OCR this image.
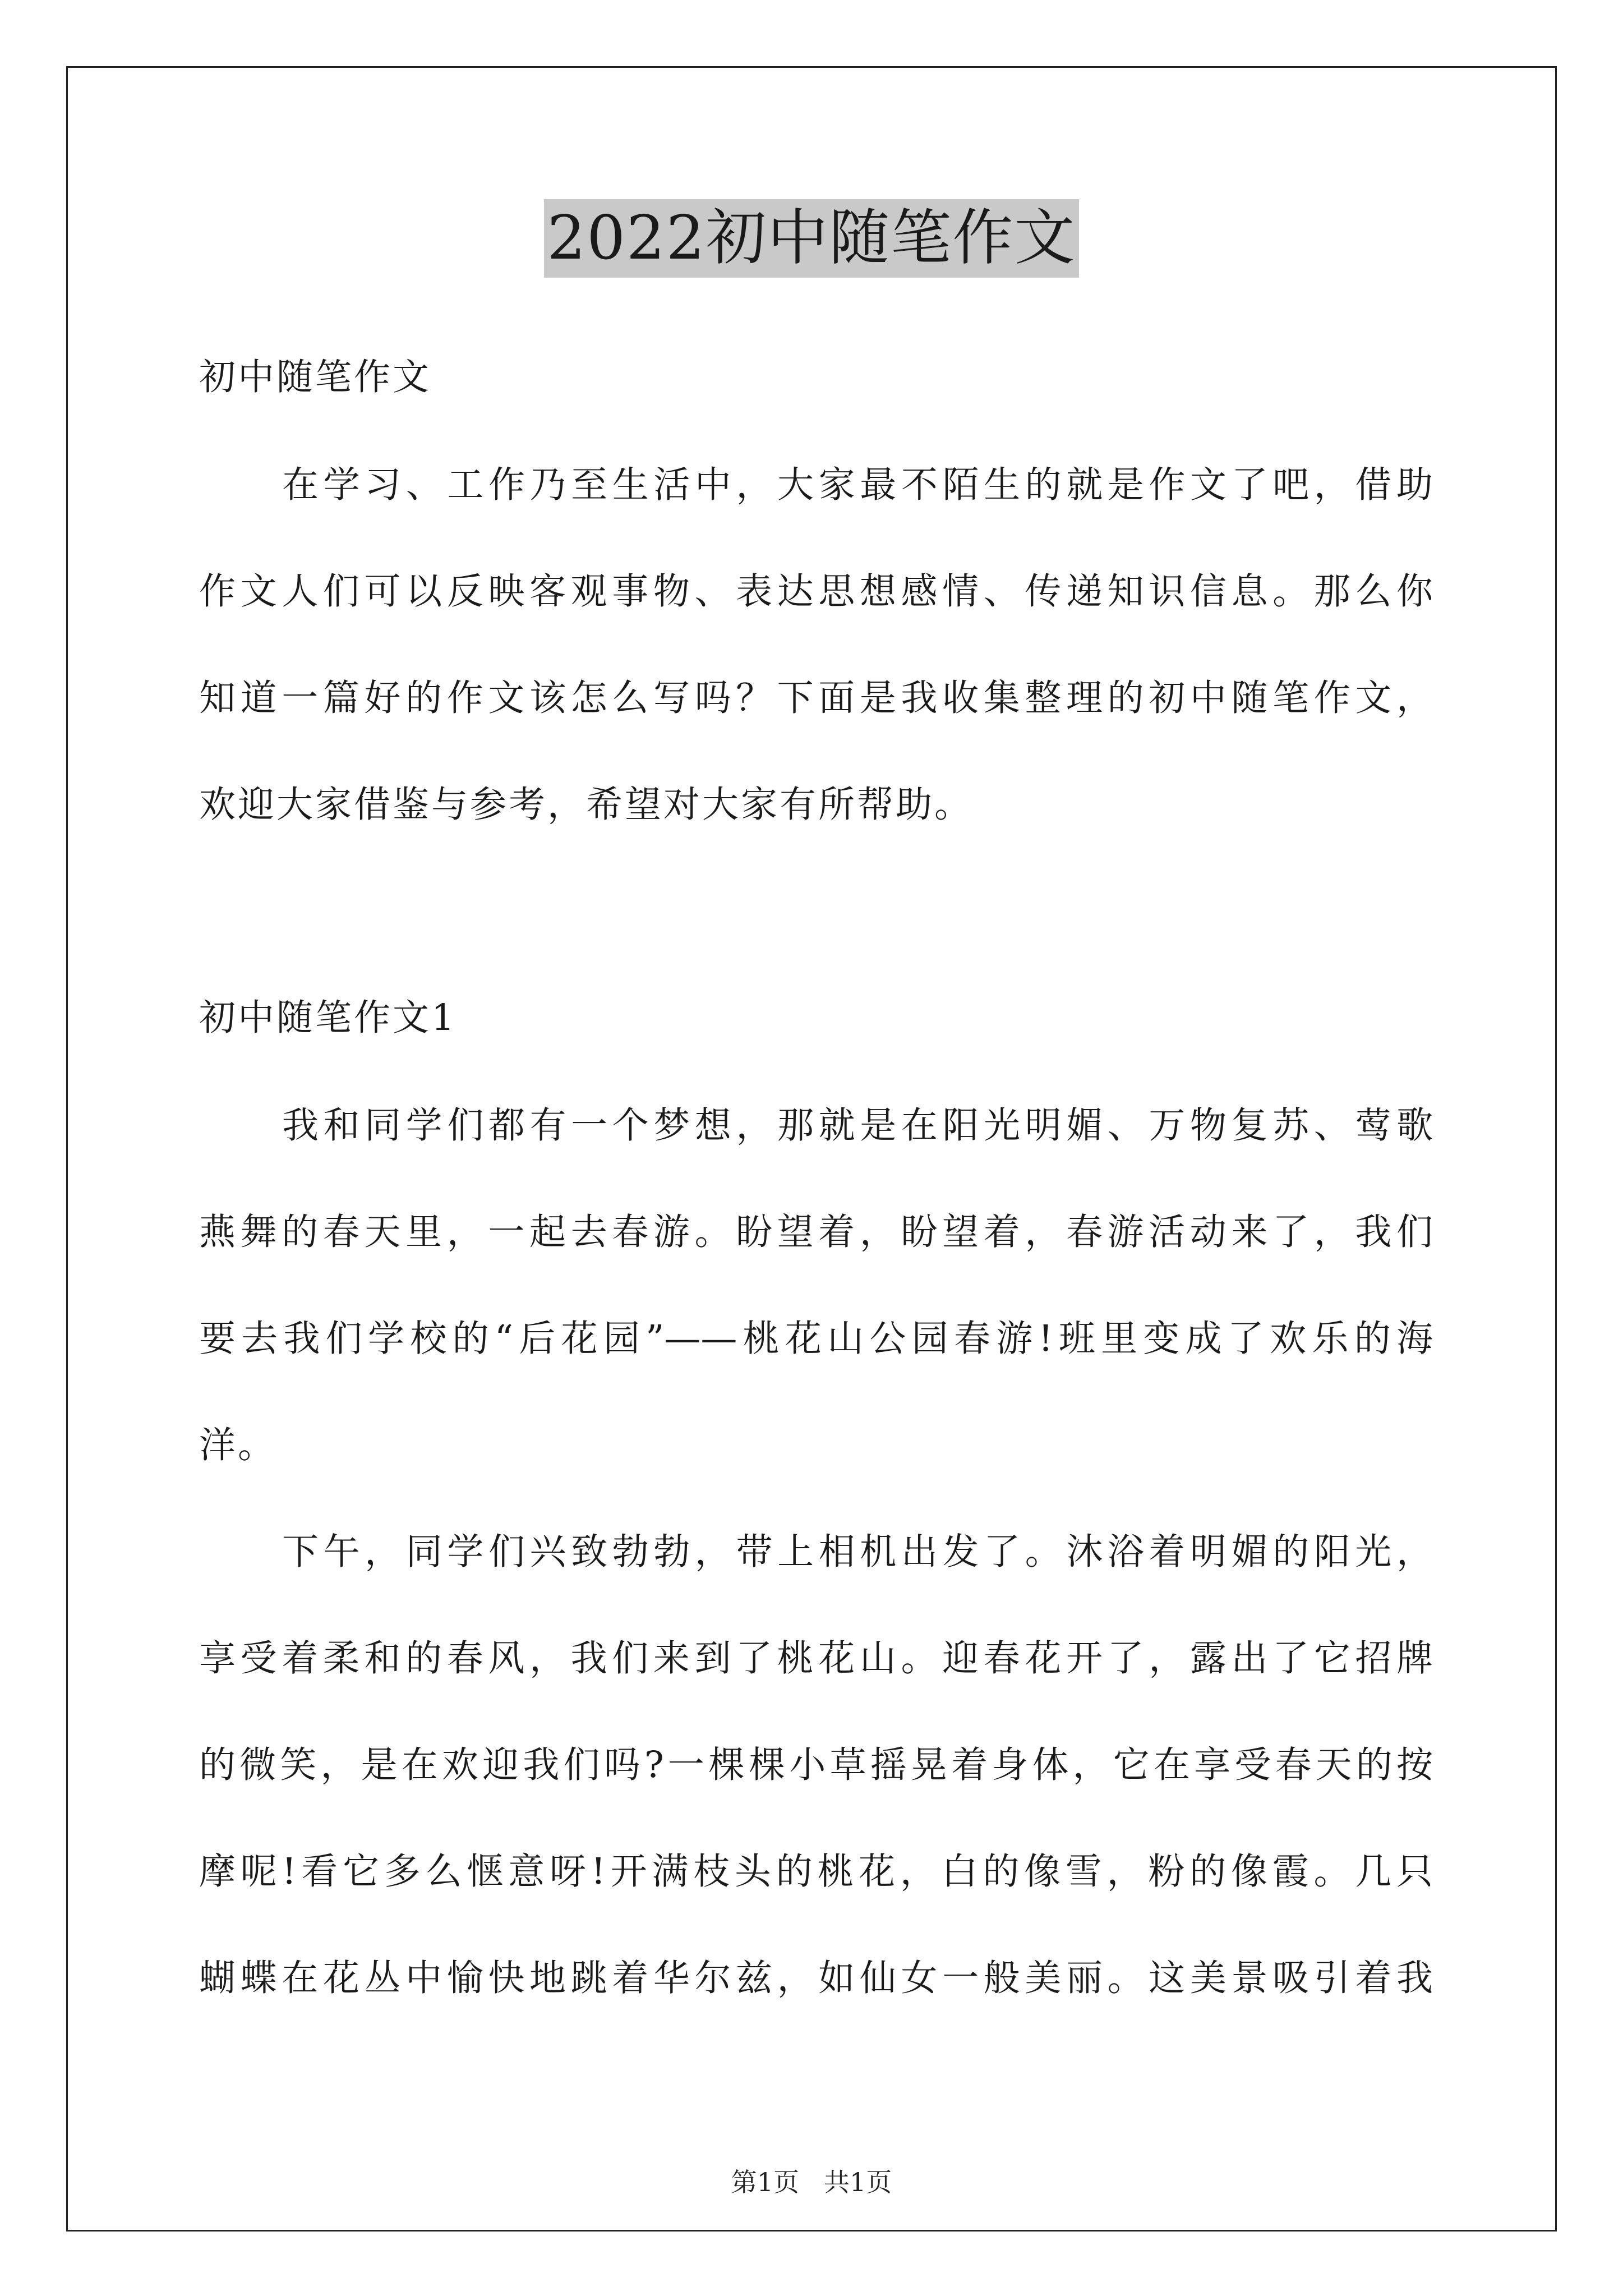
2022初中随笔作文
初中随笔作文
在学习、工作乃至生活中，大家最不陌生的就是作文了吧，借助
作文人们可以反映客观事物、表达思想感情、传递知识信息。那么你
知道一篇好的作文该怎么写吗？下面是我收集整理的初中随笔作文，
欢迎大家借鉴与参考，希望对大家有所帮助。
初中随笔作文1
我和同学们都有一个梦想，那就是在阳光明媚、万物复苏、莺歌
燕舞的春天里，一起去春游。盼望着，盼望着，春游活动来了，我们
要去我们学校的“后花园”——桃花山公园春游!班里变成了欢乐的海
洋。
下午，同学们兴致勃勃，带上相机出发了。沐浴着明媚的阳光，
享受着柔和的春风，我们来到了桃花山。迎春花开了，露出了它招牌
的微笑，是在欢迎我们吗?一棵棵小草摇晃着身体，它在享受春天的按
摩呢!看它多么惬意呀!开满枝头的桃花，白的像雪，粉的像霞。几只
蝴蝶在花丛中愉快地跳着华尔兹，如仙女一般美丽。这美景吸引着我
第1页 共1页
